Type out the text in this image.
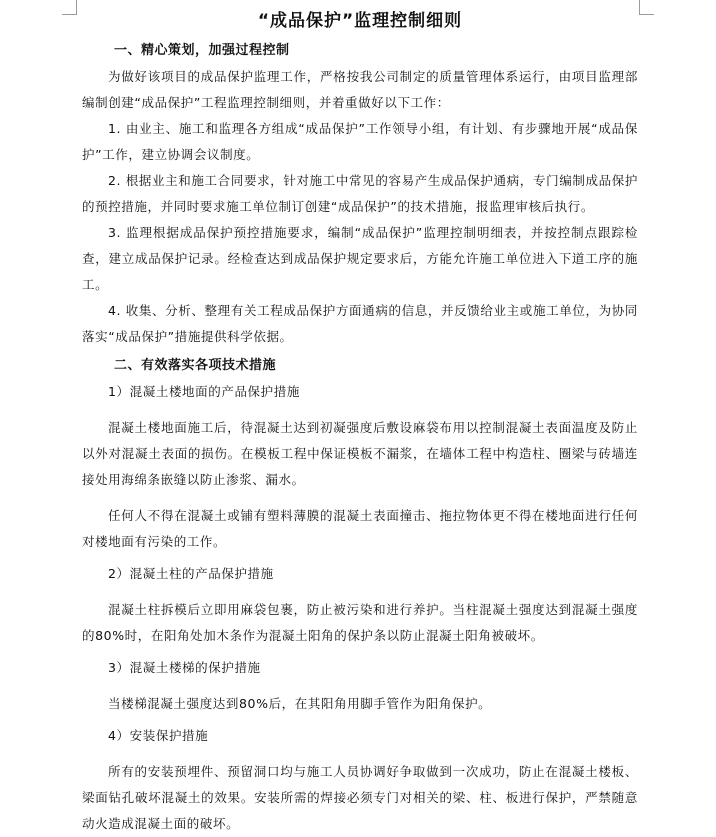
“成品保护”监理控制细则
一、精心策划，加强过程控制

为做好该项目的成品保护监理工作，严格按我公司制定的质量管理体系运行，由项目监理部编制创建“成品保护”工程监理控制细则，并着重做好以下工作：

1. 由业主、施工和监理各方组成“成品保护”工作领导小组，有计划、有步骤地开展“成品保护”工作，建立协调会议制度。

2. 根据业主和施工合同要求，针对施工中常见的容易产生成品保护通病，专门编制成品保护的预控措施，并同时要求施工单位制订创建“成品保护”的技术措施，报监理审核后执行。

3. 监理根据成品保护预控措施要求，编制“成品保护”监理控制明细表，并按控制点跟踪检查，建立成品保护记录。经检查达到成品保护规定要求后，方能允许施工单位进入下道工序的施工。

4. 收集、分析、整理有关工程成品保护方面通病的信息，并反馈给业主或施工单位，为协同落实“成品保护”措施提供科学依据。

二、有效落实各项技术措施
1）混凝土楼地面的产品保护措施

混凝土楼地面施工后，待混凝土达到初凝强度后敷设麻袋布用以控制混凝土表面温度及防止以外对混凝土表面的损伤。在模板工程中保证模板不漏浆，在墙体工程中构造柱、圈梁与砖墙连接处用海绵条嵌缝以防止渗浆、漏水。

任何人不得在混凝土或铺有塑料薄膜的混凝土表面撞击、拖拉物体更不得在楼地面进行任何对楼地面有污染的工作。

2）混凝土柱的产品保护措施

混凝土柱拆模后立即用麻袋包裹，防止被污染和进行养护。当柱混凝土强度达到混凝土强度的80%时，在阳角处加木条作为混凝土阳角的保护条以防止混凝土阳角被破坏。

3）混凝土楼梯的保护措施

当楼梯混凝土强度达到80%后，在其阳角用脚手管作为阳角保护。

4）安装保护措施

所有的安装预埋件、预留洞口均与施工人员协调好争取做到一次成功，防止在混凝土楼板、梁面钻孔破坏混凝土的效果。安装所需的焊接必须专门对相关的梁、柱、板进行保护，严禁随意动火造成混凝土面的破坏。
